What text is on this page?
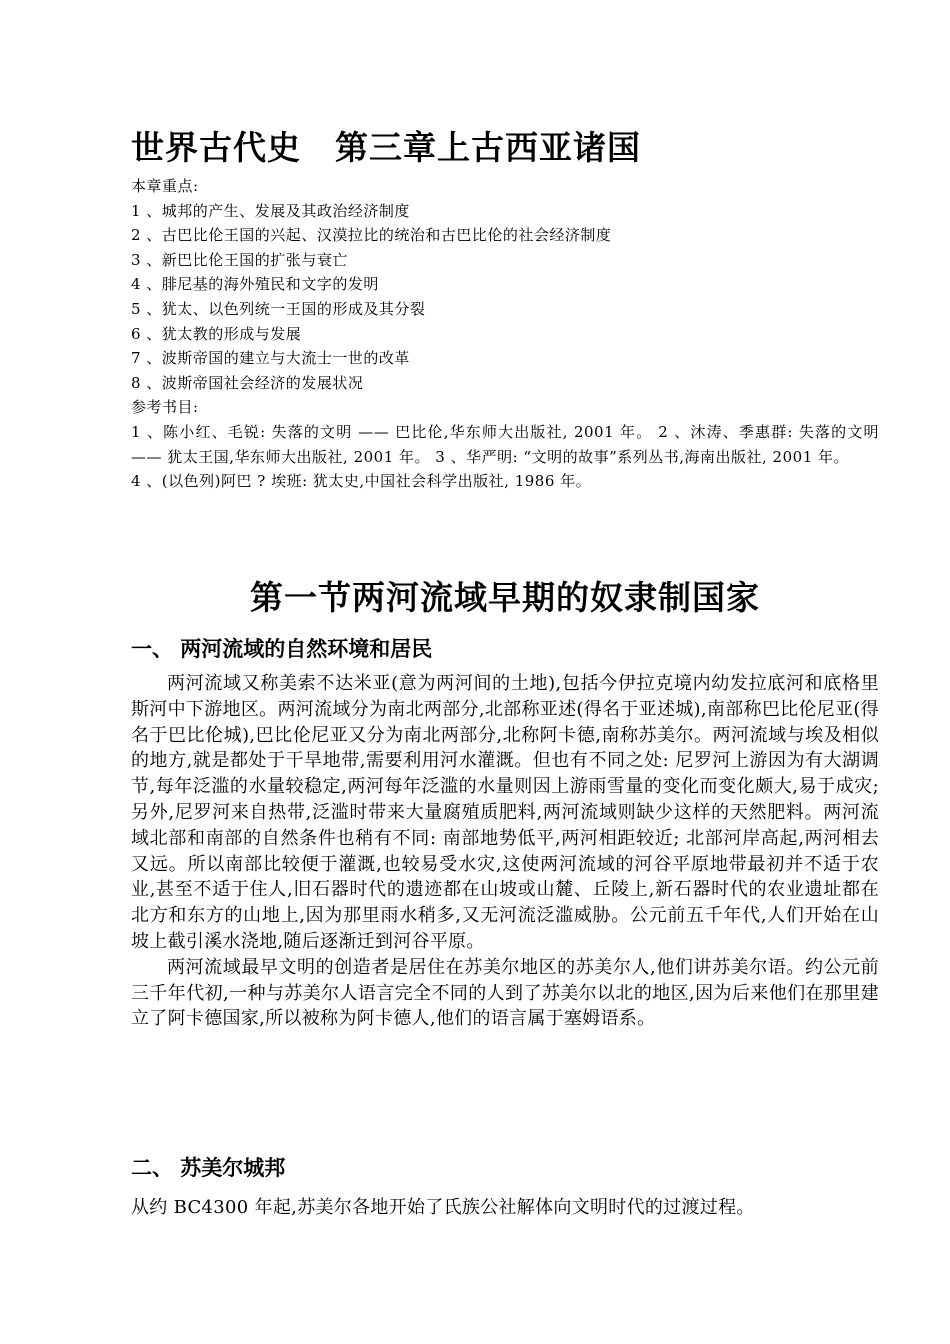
世界古代史　第三章上古西亚诸国
本章重点:
1 、城邦的产生、发展及其政治经济制度
2 、古巴比伦王国的兴起、汉漠拉比的统治和古巴比伦的社会经济制度
3 、新巴比伦王国的扩张与衰亡
4 、腓尼基的海外殖民和文字的发明
5 、犹太、以色列统一王国的形成及其分裂
6 、犹太教的形成与发展
7 、波斯帝国的建立与大流士一世的改革
8 、波斯帝国社会经济的发展状况
参考书目:
1 、陈小红、毛锐: 失落的文明 —— 巴比伦,华东师大出版社, 2001 年。 2 、沐涛、季惠群: 失落的文明 —— 犹太王国,华东师大出版社, 2001 年。 3 、华严明: “文明的故事”系列丛书,海南出版社, 2001 年。
4 、(以色列)阿巴 ? 埃班: 犹太史,中国社会科学出版社, 1986 年。
第一节两河流域早期的奴隶制国家
一、 两河流域的自然环境和居民

两河流域又称美索不达米亚(意为两河间的土地),包括今伊拉克境内幼发拉底河和底格里斯河中下游地区。两河流域分为南北两部分,北部称亚述(得名于亚述城),南部称巴比伦尼亚(得名于巴比伦城),巴比伦尼亚又分为南北两部分,北称阿卡德,南称苏美尔。两河流域与埃及相似的地方,就是都处于干旱地带,需要利用河水灌溉。但也有不同之处: 尼罗河上游因为有大湖调节,每年泛滥的水量较稳定,两河每年泛滥的水量则因上游雨雪量的变化而变化颇大,易于成灾; 另外,尼罗河来自热带,泛滥时带来大量腐殖质肥料,两河流域则缺少这样的天然肥料。两河流域北部和南部的自然条件也稍有不同: 南部地势低平,两河相距较近; 北部河岸高起,两河相去又远。所以南部比较便于灌溉,也较易受水灾,这使两河流域的河谷平原地带最初并不适于农业,甚至不适于住人,旧石器时代的遗迹都在山坡或山麓、丘陵上,新石器时代的农业遗址都在北方和东方的山地上,因为那里雨水稍多,又无河流泛滥威胁。公元前五千年代,人们开始在山坡上截引溪水浇地,随后逐渐迁到河谷平原。

两河流域最早文明的创造者是居住在苏美尔地区的苏美尔人,他们讲苏美尔语。约公元前三千年代初,一种与苏美尔人语言完全不同的人到了苏美尔以北的地区,因为后来他们在那里建立了阿卡德国家,所以被称为阿卡德人,他们的语言属于塞姆语系。

二、 苏美尔城邦

从约 BC4300 年起,苏美尔各地开始了氏族公社解体向文明时代的过渡过程。
